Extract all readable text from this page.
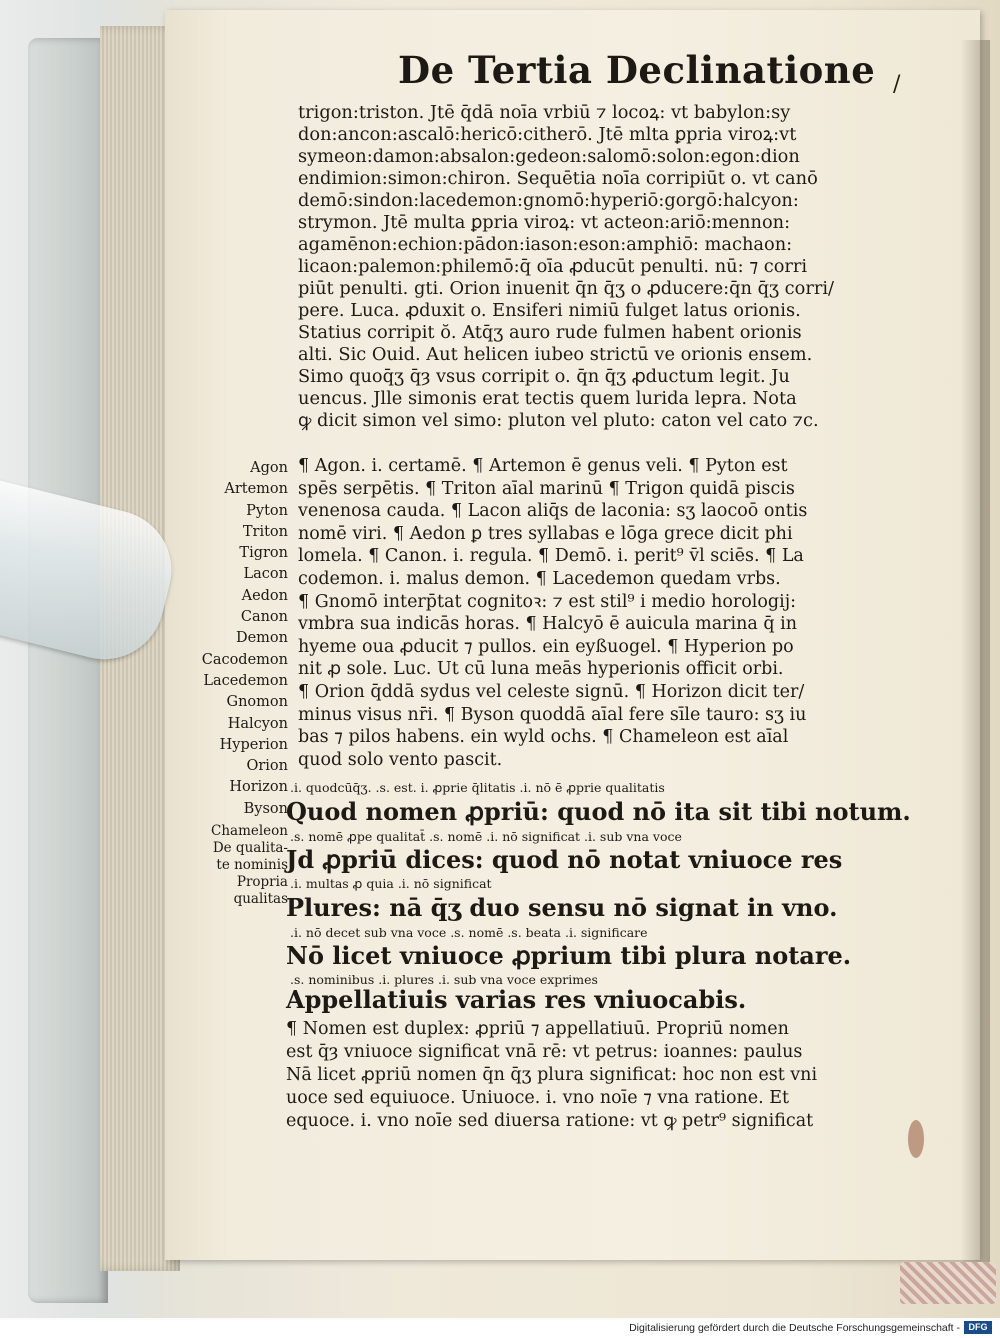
De Tertia Declinatione /
trigon:triston. Jtē q̄dā noīa vrbiū ⁊ locoꝝ: vt babylon:sy
don:ancon:ascalō:hericō:citherō. Jtē mlta ꝑpria viroꝝ:vt
symeon:damon:absalon:gedeon:salomō:solon:egon:dion
endimion:simon:chiron. Sequētia noīa corripiūt o. vt canō
demō:sindon:lacedemon:gnomō:hyperiō:gorgō:halcyon:
strymon. Jtē multa ꝑpria viroꝝ: vt acteon:ariō:mennon:
agamēnon:echion:pādon:iason:eson:amphiō: machaon:
licaon:palemon:philemō:q̄ oīa ꝓducūt penulti. nū: ⁊ corri
piūt penulti. gt̄i. Orion inuenit̄ q̄n q̄ʒ o ꝓducere:q̄n q̄ʒ corri/
pere. Luca. ꝓduxit o. Ensiferi nimiū fulget latus orionis.
Statius corripit ŏ. Atq̄ʒ auro rude fulmen habent orionis
alti. Sic Ouid. Aut helicen iubeo strictū ve orionis ensem.
Simo quoq̄ʒ q̄ȝ vsus corripit o. q̄n q̄ʒ ꝓductum legit̄. Ju
uencus. Jlle simonis erat tectis quem lurida lepra. Nota
ꝙ dicit̄ simon vel simo: pluton vel pluto: caton vel cato ⁊c.
¶ Agon. i. certamē. ¶ Artemon ē genus veli. ¶ Pyton est
spēs serpētis. ¶ Triton aīal marinū ¶ Trigon quidā piscis
venenosa cauda. ¶ Lacon aliq̄s de laconia: sʒ laocoō ontis
nomē viri. ¶ Aedon ꝑ tres syllabas e lōga grece dicit̄ phi
lomela. ¶ Canon. i. regula. ¶ Demō. i. perit⁹ v̄l sciēs. ¶ La
codemon. i. malus demon. ¶ Lacedemon quedam vrbs.
¶ Gnomō interp̄tat̄ cognitoꝛ: ⁊ est stil⁹ i medio horologij:
vmbra sua indicās horas. ¶ Halcyō ē auicula marina q̄ in
hyeme oua ꝓducit ⁊ pullos. ein eyßuogel. ¶ Hyperion po
nit̄ ꝓ sole. Luc. Ut cū luna meās hyperionis officit orbi.
¶ Orion q̄ddā sydus vel celeste signū. ¶ Horizon dicit̄ ter/
minus visus nr̄i. ¶ Byson quoddā aīal fere sīle tauro: sʒ iu
bas ⁊ pilos habens. ein wyld ochs. ¶ Chameleon est aīal
quod solo vento pascit̄.
Agon
Artemon
Pyton
Triton
Tigron
Lacon
Aedon
Canon
Demon
Cacodemon
Lacedemon
Gnomon
Halcyon
Hyperion
Orion
Horizon
Byson
Chameleon
De qualita-
te nominis
Propria
qualitas
.i. quodcūq̄ʒ. .s. est. i. ꝓprie q̄litatis .i. nō ē ꝓprie qualitatis
Quod nomen ꝓpriū: quod nō ita sit tibi notum.
.s. nomē ꝓpe qualitat̄ .s. nomē .i. nō significat .i. sub vna voce
Jd ꝓpriū dices: quod nō notat vniuoce res
.i. multas ꝓ quia .i. nō significat
Plures: nā q̄ʒ duo sensu nō signat in vno.
.i. nō decet sub vna voce .s. nomē .s. beata .i. significare
Nō licet vniuoce ꝓprium tibi plura notare.
.s. nominibus .i. plures .i. sub vna voce exprimes
Appellatiuis varias res vniuocabis.
¶ Nomen est duplex: ꝓpriū ⁊ appellatiuū. Propriū nomen
est q̄ȝ vniuoce significat vnā rē: vt petrus: ioannes: paulus
Nā licet ꝓpriū nomen q̄n q̄ʒ plura significat: hoc non est vni
uoce sed equiuoce. Uniuoce. i. vno noīe ⁊ vna ratione. Et
equoce. i. vno noīe sed diuersa ratione: vt ꝙ petr⁹ significat
Digitalisierung gefördert durch die Deutsche Forschungsgemeinschaft - DFG
